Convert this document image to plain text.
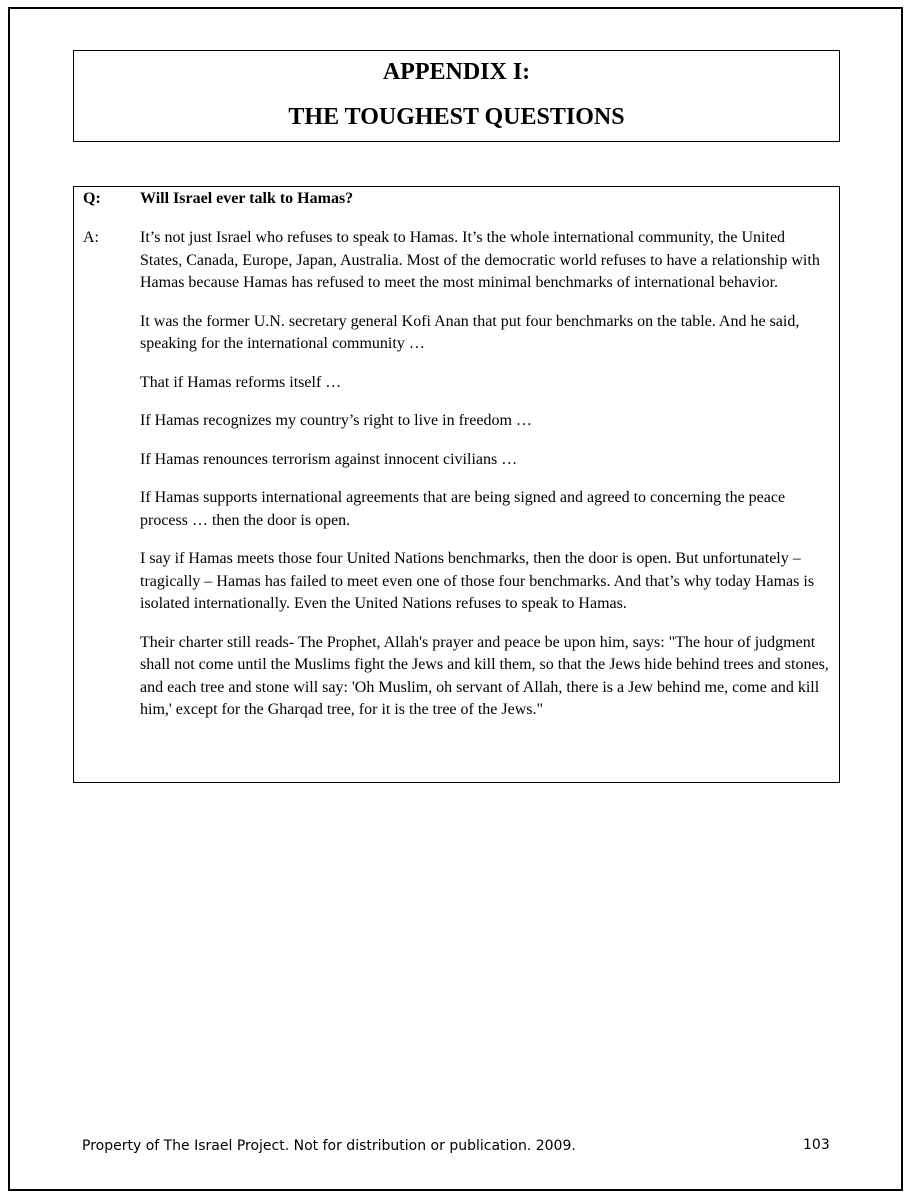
APPENDIX I:
THE TOUGHEST QUESTIONS
Q:	Will Israel ever talk to Hamas?
A:	It’s not just Israel who refuses to speak to Hamas. It’s the whole international community, the United States, Canada, Europe, Japan, Australia. Most of the democratic world refuses to have a relationship with Hamas because Hamas has refused to meet the most minimal benchmarks of international behavior.

It was the former U.N. secretary general Kofi Anan that put four benchmarks on the table. And he said, speaking for the international community …

That if Hamas reforms itself …

If Hamas recognizes my country’s right to live in freedom …

If Hamas renounces terrorism against innocent civilians …

If Hamas supports international agreements that are being signed and agreed to concerning the peace process … then the door is open.

I say if Hamas meets those four United Nations benchmarks, then the door is open. But unfortunately – tragically – Hamas has failed to meet even one of those four benchmarks. And that’s why today Hamas is isolated internationally. Even the United Nations refuses to speak to Hamas.

Their charter still reads- The Prophet, Allah's prayer and peace be upon him, says: "The hour of judgment shall not come until the Muslims fight the Jews and kill them, so that the Jews hide behind trees and stones, and each tree and stone will say: 'Oh Muslim, oh servant of Allah, there is a Jew behind me, come and kill him,' except for the Gharqad tree, for it is the tree of the Jews."

Property of The Israel Project. Not for distribution or publication. 2009.	103
